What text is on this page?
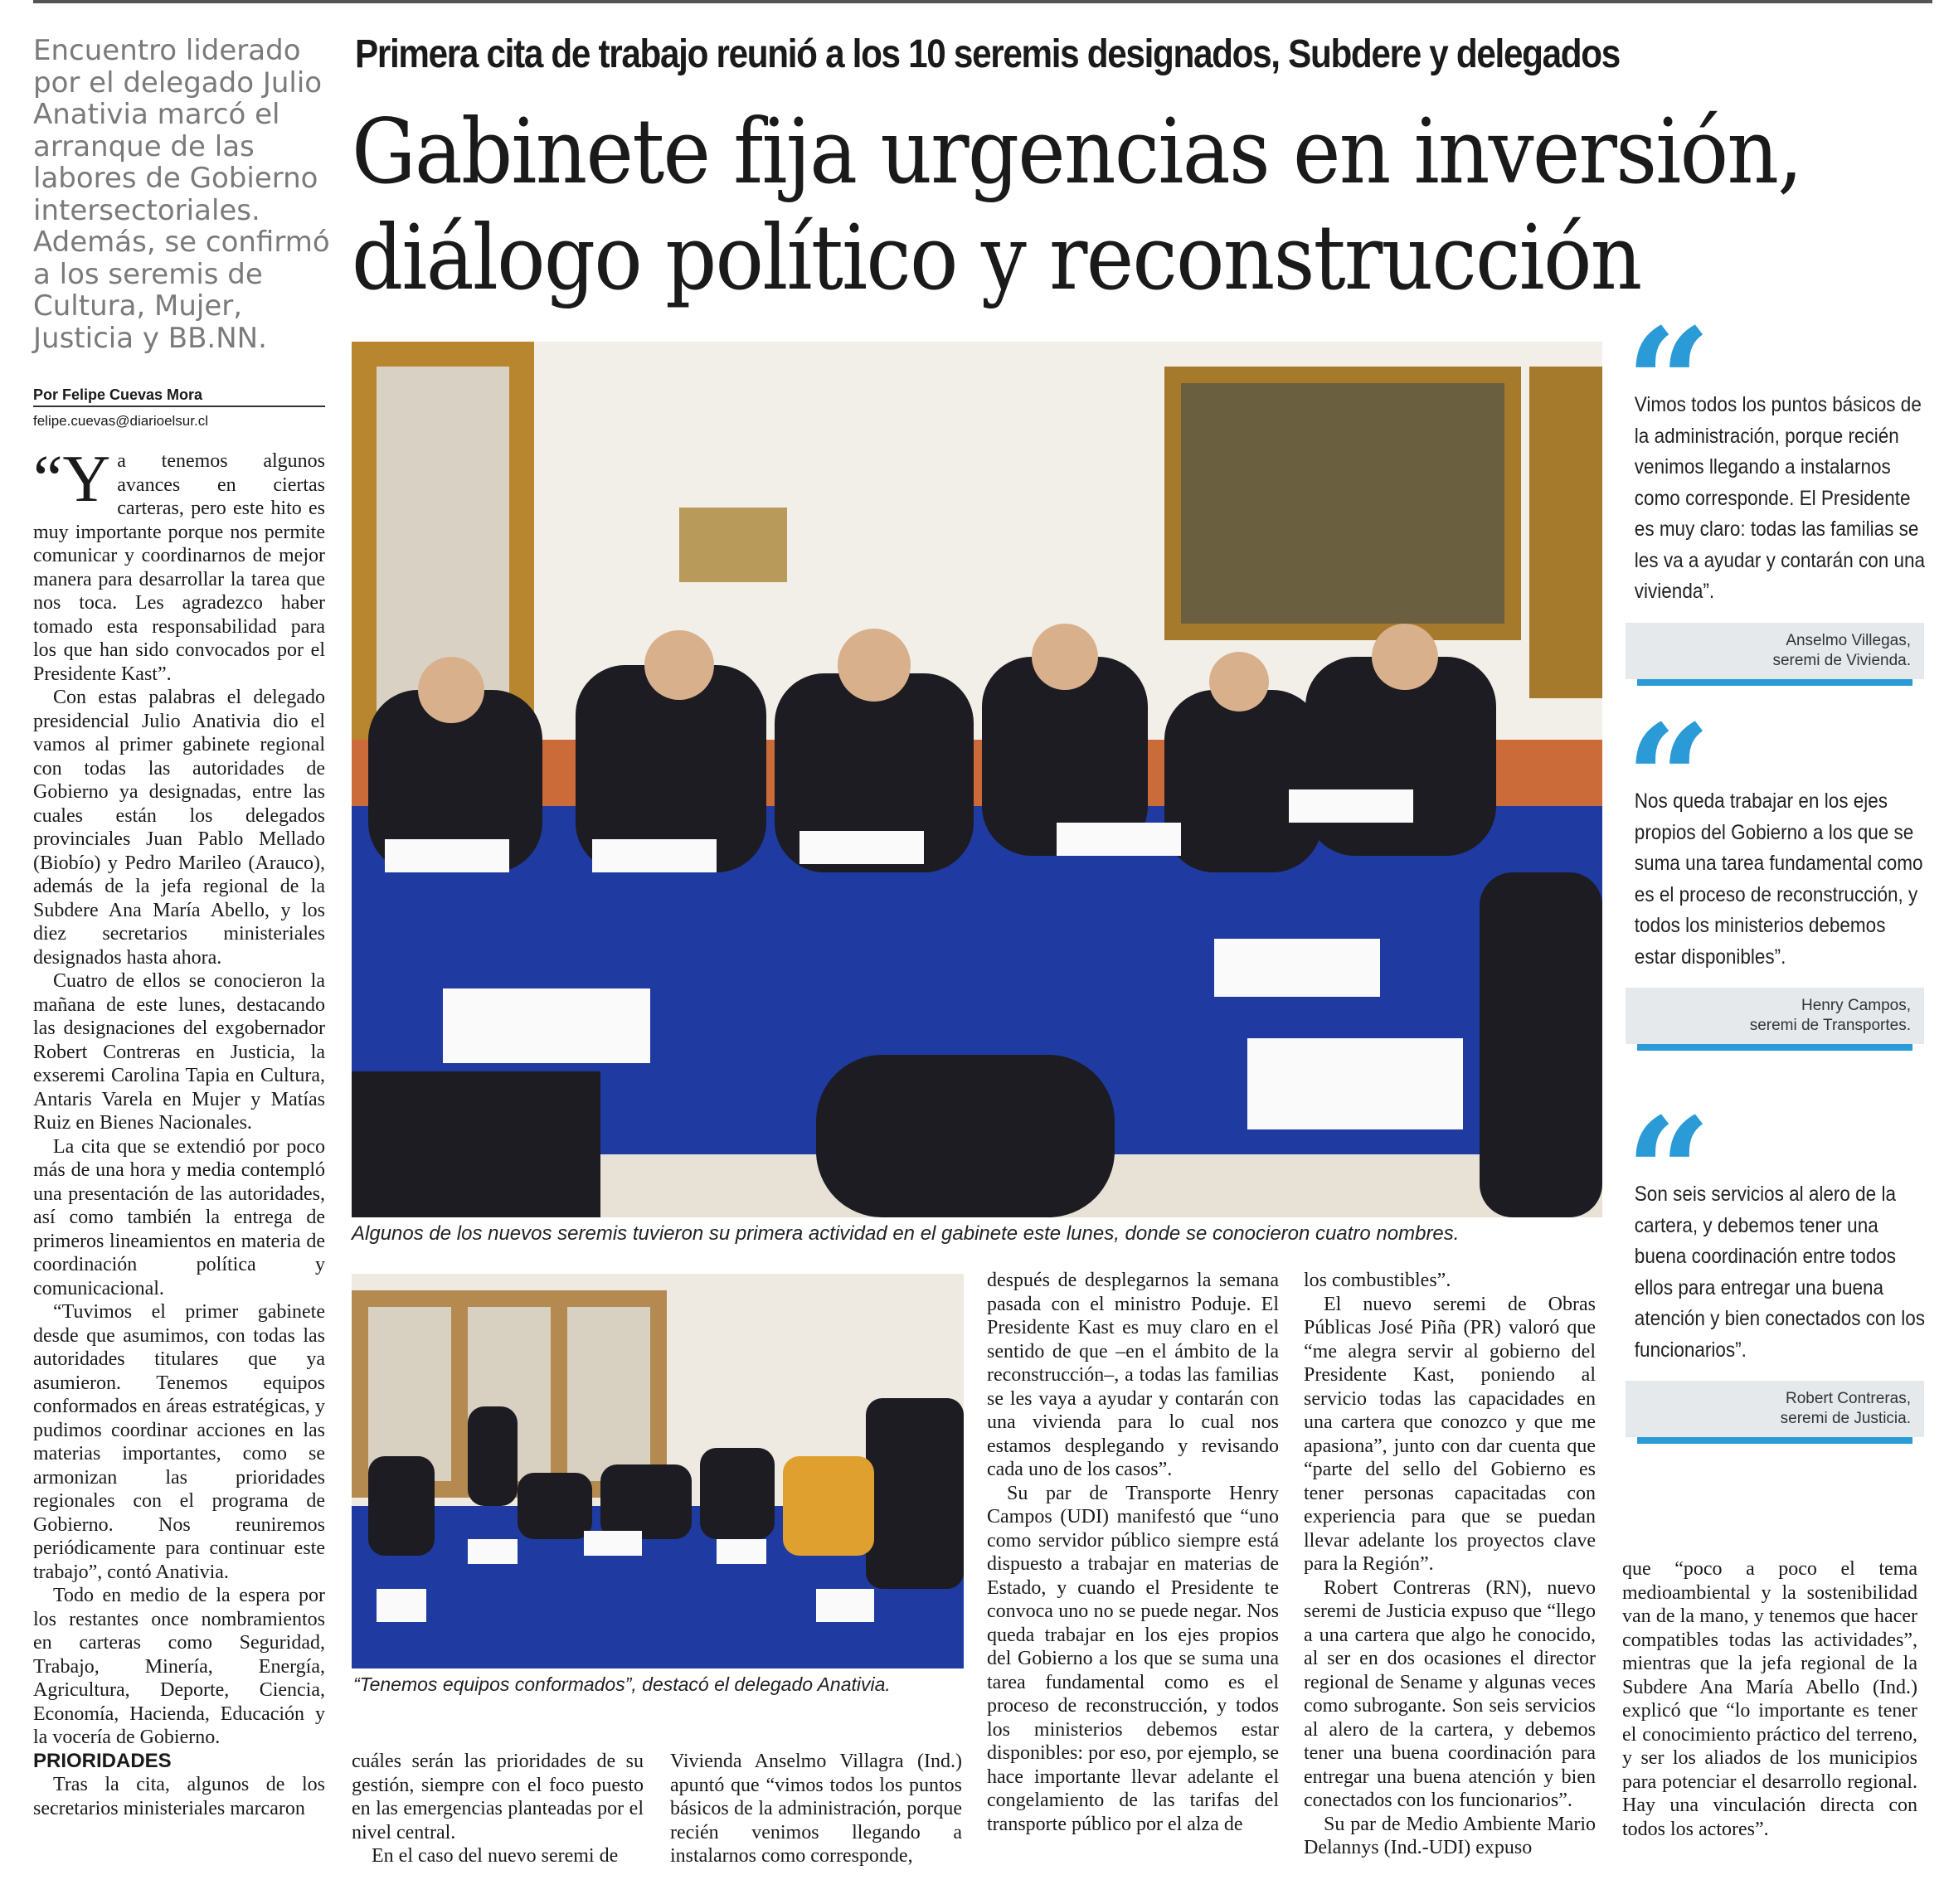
Encuentro liderado por el delegado Julio Anativia marcó el arranque de las labores de Gobierno intersectoriales. Además, se confirmó a los seremis de Cultura, Mujer, Justicia y BB.NN.
Por Felipe Cuevas Mora
felipe.cuevas@diarioelsur.cl
Primera cita de trabajo reunió a los 10 seremis designados, Subdere y delegados
Gabinete fija urgencias en inversión,
diálogo político y reconstrucción

“Ya tenemos algunos avances en ciertas carteras, pero este hito es muy importante porque nos permite comunicar y coordinarnos de mejor manera para desarrollar la tarea que nos toca. Les agradezco haber tomado esta responsabilidad para los que han sido convocados por el Presidente Kast”.

Con estas palabras el delegado presidencial Julio Anativia dio el vamos al primer gabinete regional con todas las autoridades de Gobierno ya designadas, entre las cuales están los delegados provinciales Juan Pablo Mellado (Biobío) y Pedro Marileo (Arauco), además de la jefa regional de la Subdere Ana María Abello, y los diez secretarios ministeriales designados hasta ahora.

Cuatro de ellos se conocieron la mañana de este lunes, destacando las designaciones del exgobernador Robert Contreras en Justicia, la exseremi Carolina Tapia en Cultura, Antaris Varela en Mujer y Matías Ruiz en Bienes Nacionales.

La cita que se extendió por poco más de una hora y media contempló una presentación de las autoridades, así como también la entrega de primeros lineamientos en materia de coordinación política y comunicacional.

“Tuvimos el primer gabinete desde que asumimos, con todas las autoridades titulares que ya asumieron. Tenemos equipos conformados en áreas estratégicas, y pudimos coordinar acciones en las materias importantes, como se armonizan las prioridades regionales con el programa de Gobierno. Nos reuniremos periódicamente para continuar este trabajo”, contó Anativia.

Todo en medio de la espera por los restantes once nombramientos en carteras como Seguridad, Trabajo, Minería, Energía, Agricultura, Deporte, Ciencia, Economía, Hacienda, Educación y la vocería de Gobierno.

PRIORIDADES

Tras la cita, algunos de los secretarios ministeriales marcaron

Algunos de los nuevos seremis tuvieron su primera actividad en el gabinete este lunes, donde se conocieron cuatro nombres.
“Tenemos equipos conformados”, destacó el delegado Anativia.

cuáles serán las prioridades de su gestión, siempre con el foco puesto en las emergencias planteadas por el nivel central.

En el caso del nuevo seremi de

Vivienda Anselmo Villagra (Ind.) apuntó que “vimos todos los puntos básicos de la administración, porque recién venimos llegando a instalarnos como corresponde,

después de desplegarnos la semana pasada con el ministro Poduje. El Presidente Kast es muy claro en el sentido de que –en el ámbito de la reconstrucción–, a todas las familias se les vaya a ayudar y contarán con una vivienda para lo cual nos estamos desplegando y revisando cada uno de los casos”.

Su par de Transporte Henry Campos (UDI) manifestó que “uno como servidor público siempre está dispuesto a trabajar en materias de Estado, y cuando el Presidente te convoca uno no se puede negar. Nos queda trabajar en los ejes propios del Gobierno a los que se suma una tarea fundamental como es el proceso de reconstrucción, y todos los ministerios debemos estar disponibles: por eso, por ejemplo, se hace importante llevar adelante el congelamiento de las tarifas del transporte público por el alza de

los combustibles”.

El nuevo seremi de Obras Públicas José Piña (PR) valoró que “me alegra servir al gobierno del Presidente Kast, poniendo al servicio todas las capacidades en una cartera que conozco y que me apasiona”, junto con dar cuenta que “parte del sello del Gobierno es tener personas capacitadas con experiencia para que se puedan llevar adelante los proyectos clave para la Región”.

Robert Contreras (RN), nuevo seremi de Justicia expuso que “llego a una cartera que algo he conocido, al ser en dos ocasiones el director regional de Sename y algunas veces como subrogante. Son seis servicios al alero de la cartera, y debemos tener una buena coordinación para entregar una buena atención y bien conectados con los funcionarios”.

Su par de Medio Ambiente Mario Delannys (Ind.-UDI) expuso

que “poco a poco el tema medioambiental y la sostenibilidad van de la mano, y tenemos que hacer compatibles todas las actividades”, mientras que la jefa regional de la Subdere Ana María Abello (Ind.) explicó que “lo importante es tener el conocimiento práctico del terreno, y ser los aliados de los municipios para potenciar el desarrollo regional. Hay una vinculación directa con todos los actores”.

“
Vimos todos los puntos básicos de la administración, porque recién venimos llegando a instalarnos como corresponde. El Presidente es muy claro: todas las familias se les va a ayudar y contarán con una vivienda”.
Anselmo Villegas,
seremi de Vivienda.
“
Nos queda trabajar en los ejes propios del Gobierno a los que se suma una tarea fundamental como es el proceso de reconstrucción, y todos los ministerios debemos estar disponibles”.
Henry Campos,
seremi de Transportes.
“
Son seis servicios al alero de la cartera, y debemos tener una buena coordinación entre todos ellos para entregar una buena atención y bien conectados con los funcionarios”.
Robert Contreras,
seremi de Justicia.
